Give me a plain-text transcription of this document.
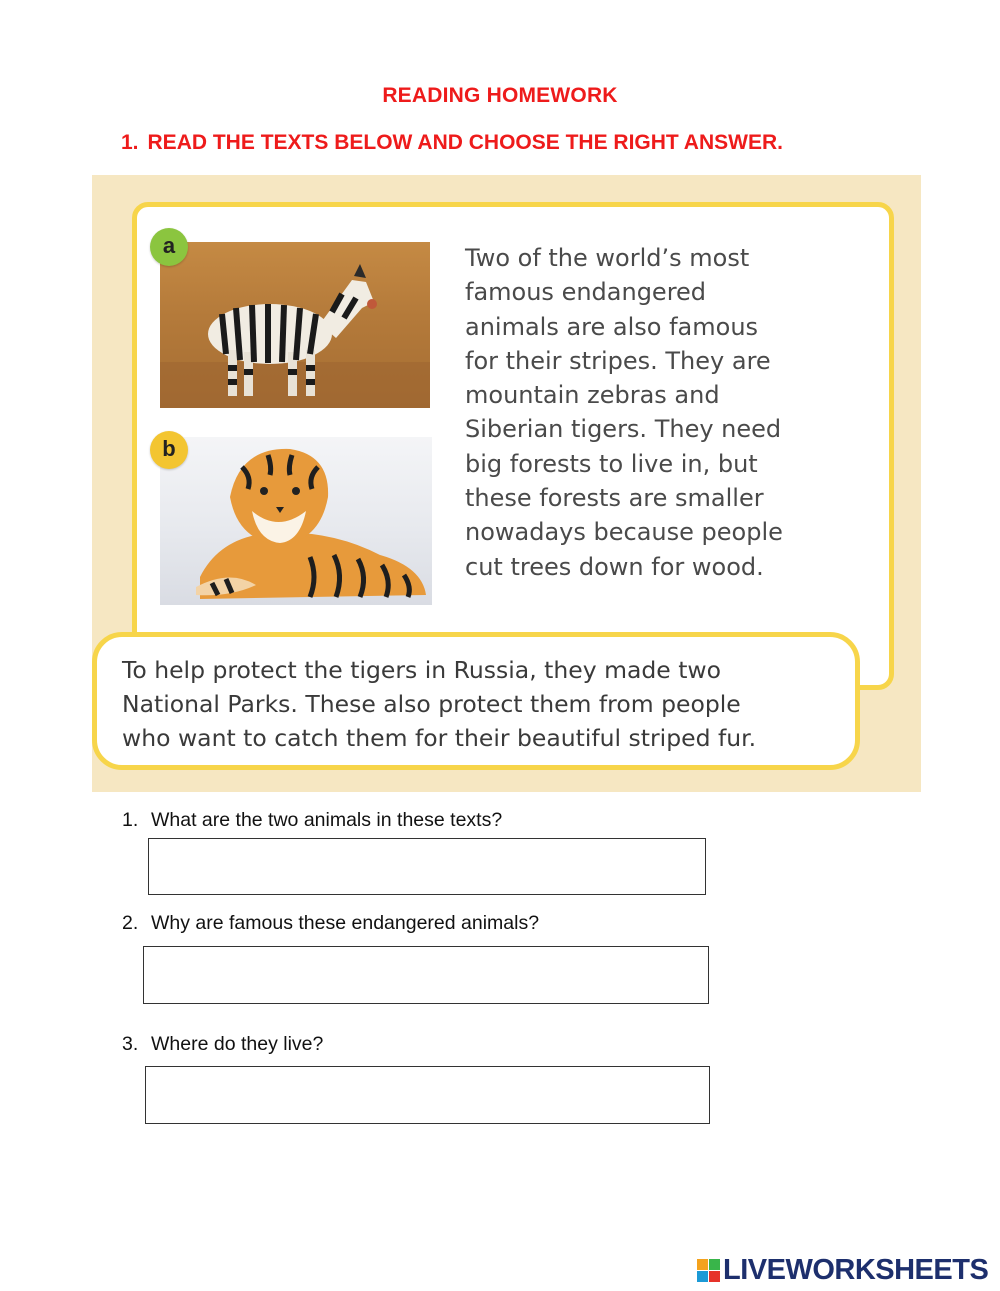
READING HOMEWORK
1. READ THE TEXTS BELOW AND CHOOSE THE RIGHT ANSWER.
a
b
Two of the world’s most
famous endangered
animals are also famous
for their stripes. They are
mountain zebras and
Siberian tigers. They need
big forests to live in, but
these forests are smaller
nowadays because people
cut trees down for wood.
To help protect the tigers in Russia, they made two
National Parks. These also protect them from people
who want to catch them for their beautiful striped fur.
1. What are the two animals in these texts?
2. Why are famous these endangered animals?
3. Where do they live?
LIVEWORKSHEETS
